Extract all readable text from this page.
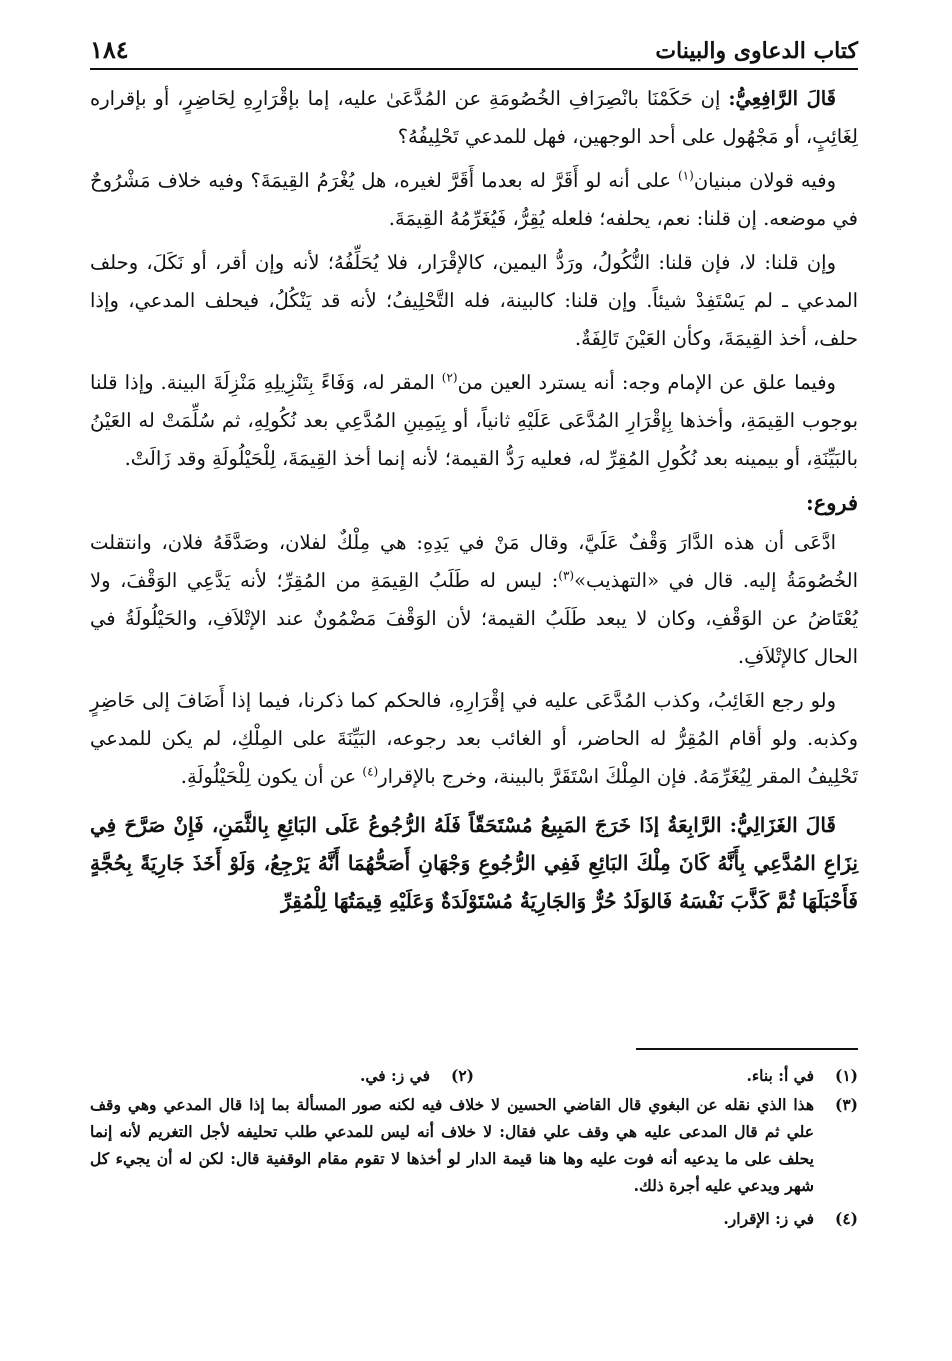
كتاب الدعاوى والبينات
١٨٤

قَالَ الرَّافِعِيُّ: إن حَكَمْنَا بانْصِرَافِ الخُصُومَةِ عن المُدَّعَىٰ عليه، إما بإقْرَارِهِ لِحَاضِرٍ، أو بإقراره لِغَائِبٍ، أو مَجْهُول على أحد الوجهين، فهل للمدعي تَحْلِيفُهُ؟

وفيه قولان مبنيان$^{(١)}$ على أنه لو أَقَرَّ له بعدما أَقَرَّ لغيره، هل يُغْرَمُ القِيمَةَ؟ وفيه خلاف مَشْرُوحٌ في موضعه. إن قلنا: نعم، يحلفه؛ فلعله يُقِرُّ، فَيُغَرِّمُهُ القِيمَةَ.

وإن قلنا: لا، فإن قلنا: النُّكُولُ، ورَدُّ اليمين، كالإقْرَار، فلا يُحَلِّفُهُ؛ لأنه وإن أقر، أو نَكَلَ، وحلف المدعي ـ لم يَسْتَفِدْ شيئاً. وإن قلنا: كالبينة، فله التَّحْلِيفُ؛ لأنه قد يَنْكُلُ، فيحلف المدعي، وإذا حلف، أخذ القِيمَةَ، وكأن العَيْنَ تَالِفَةٌ.

وفيما علق عن الإمام وجه: أنه يسترد العين من$^{(٢)}$ المقر له، وَفَاءً بِتَنْزِيلِهِ مَنْزِلَةَ البينة. وإذا قلنا بوجوب القِيمَةِ، وأخذها بِإقْرَارِ المُدَّعَى عَلَيْهِ ثانياً، أو بِيَمِينِ المُدَّعِي بعد نُكُولِهِ، ثم سُلِّمَتْ له العَيْنُ بالبَيِّنَةِ، أو بيمينه بعد نُكُولِ المُقِرِّ له، فعليه رَدُّ القيمة؛ لأنه إنما أخذ القِيمَةَ، لِلْحَيْلُولَةِ وقد زَالَتْ.

فروع:

ادَّعَى أن هذه الدَّارَ وَقْفٌ عَلَيَّ، وقال مَنْ في يَدِهِ: هي مِلْكٌ لفلان، وصَدَّقَهُ فلان، وانتقلت الخُصُومَةُ إليه. قال في «التهذيب»$^{(٣)}$: ليس له طَلَبُ القِيمَةِ من المُقِرِّ؛ لأنه يَدَّعِي الوَقْفَ، ولا يُعْتَاضُ عن الوَقْفِ، وكان لا يبعد طَلَبُ القيمة؛ لأن الوَقْفَ مَضْمُونٌ عند الإتْلاَفِ، والحَيْلُولَةُ في الحال كالإتْلاَفِ.

ولو رجع الغَائِبُ، وكذب المُدَّعَى عليه في إقْرَارِهِ، فالحكم كما ذكرنا، فيما إذا أَضَافَ إلى حَاضِرٍ وكذبه. ولو أقام المُقِرُّ له الحاضر، أو الغائب بعد رجوعه، البَيِّنَةَ على المِلْكِ، لم يكن للمدعي تَحْلِيفُ المقر لِيُغَرِّمَهُ. فإن المِلْكَ اسْتَقَرَّ بالبينة، وخرج بالإقرار$^{(٤)}$ عن أن يكون لِلْحَيْلُولَةِ.

قَالَ الغَزَالِيُّ: الرَّابِعَةُ إذَا خَرَجَ المَبِيعُ مُسْتَحَقّاً فَلَهُ الرُّجُوعُ عَلَى البَائِعِ بِالثَّمَنِ، فَإِنْ صَرَّحَ فِي نِزَاعِ المُدَّعِي بِأَنَّهُ كَانَ مِلْكَ البَائِعِ فَفِي الرُّجُوعِ وَجْهَانِ أَصَحُّهُمَا أَنَّهُ يَرْجِعُ، وَلَوْ أَخَذَ جَارِيَةً بِحُجَّةٍ فَأَحْبَلَهَا ثُمَّ كَذَّبَ نَفْسَهُ فَالوَلَدُ حُرٌّ وَالجَارِيَةُ مُسْتَوْلَدَةٌ وَعَلَيْهِ قِيمَتُهَا لِلْمُقِرِّ

(١)
في أ: بناء.
(٢)
في ز: في.
(٣)
هذا الذي نقله عن البغوي قال القاضي الحسين لا خلاف فيه لكنه صور المسألة بما إذا قال المدعي وهي وقف علي ثم قال المدعى عليه هي وقف علي فقال: لا خلاف أنه ليس للمدعي طلب تحليفه لأجل التغريم لأنه إنما يحلف على ما يدعيه أنه فوت عليه وها هنا قيمة الدار لو أخذها لا تقوم مقام الوقفية قال: لكن له أن يجيء كل شهر ويدعي عليه أجرة ذلك.
(٤)
في ز: الإقرار.
